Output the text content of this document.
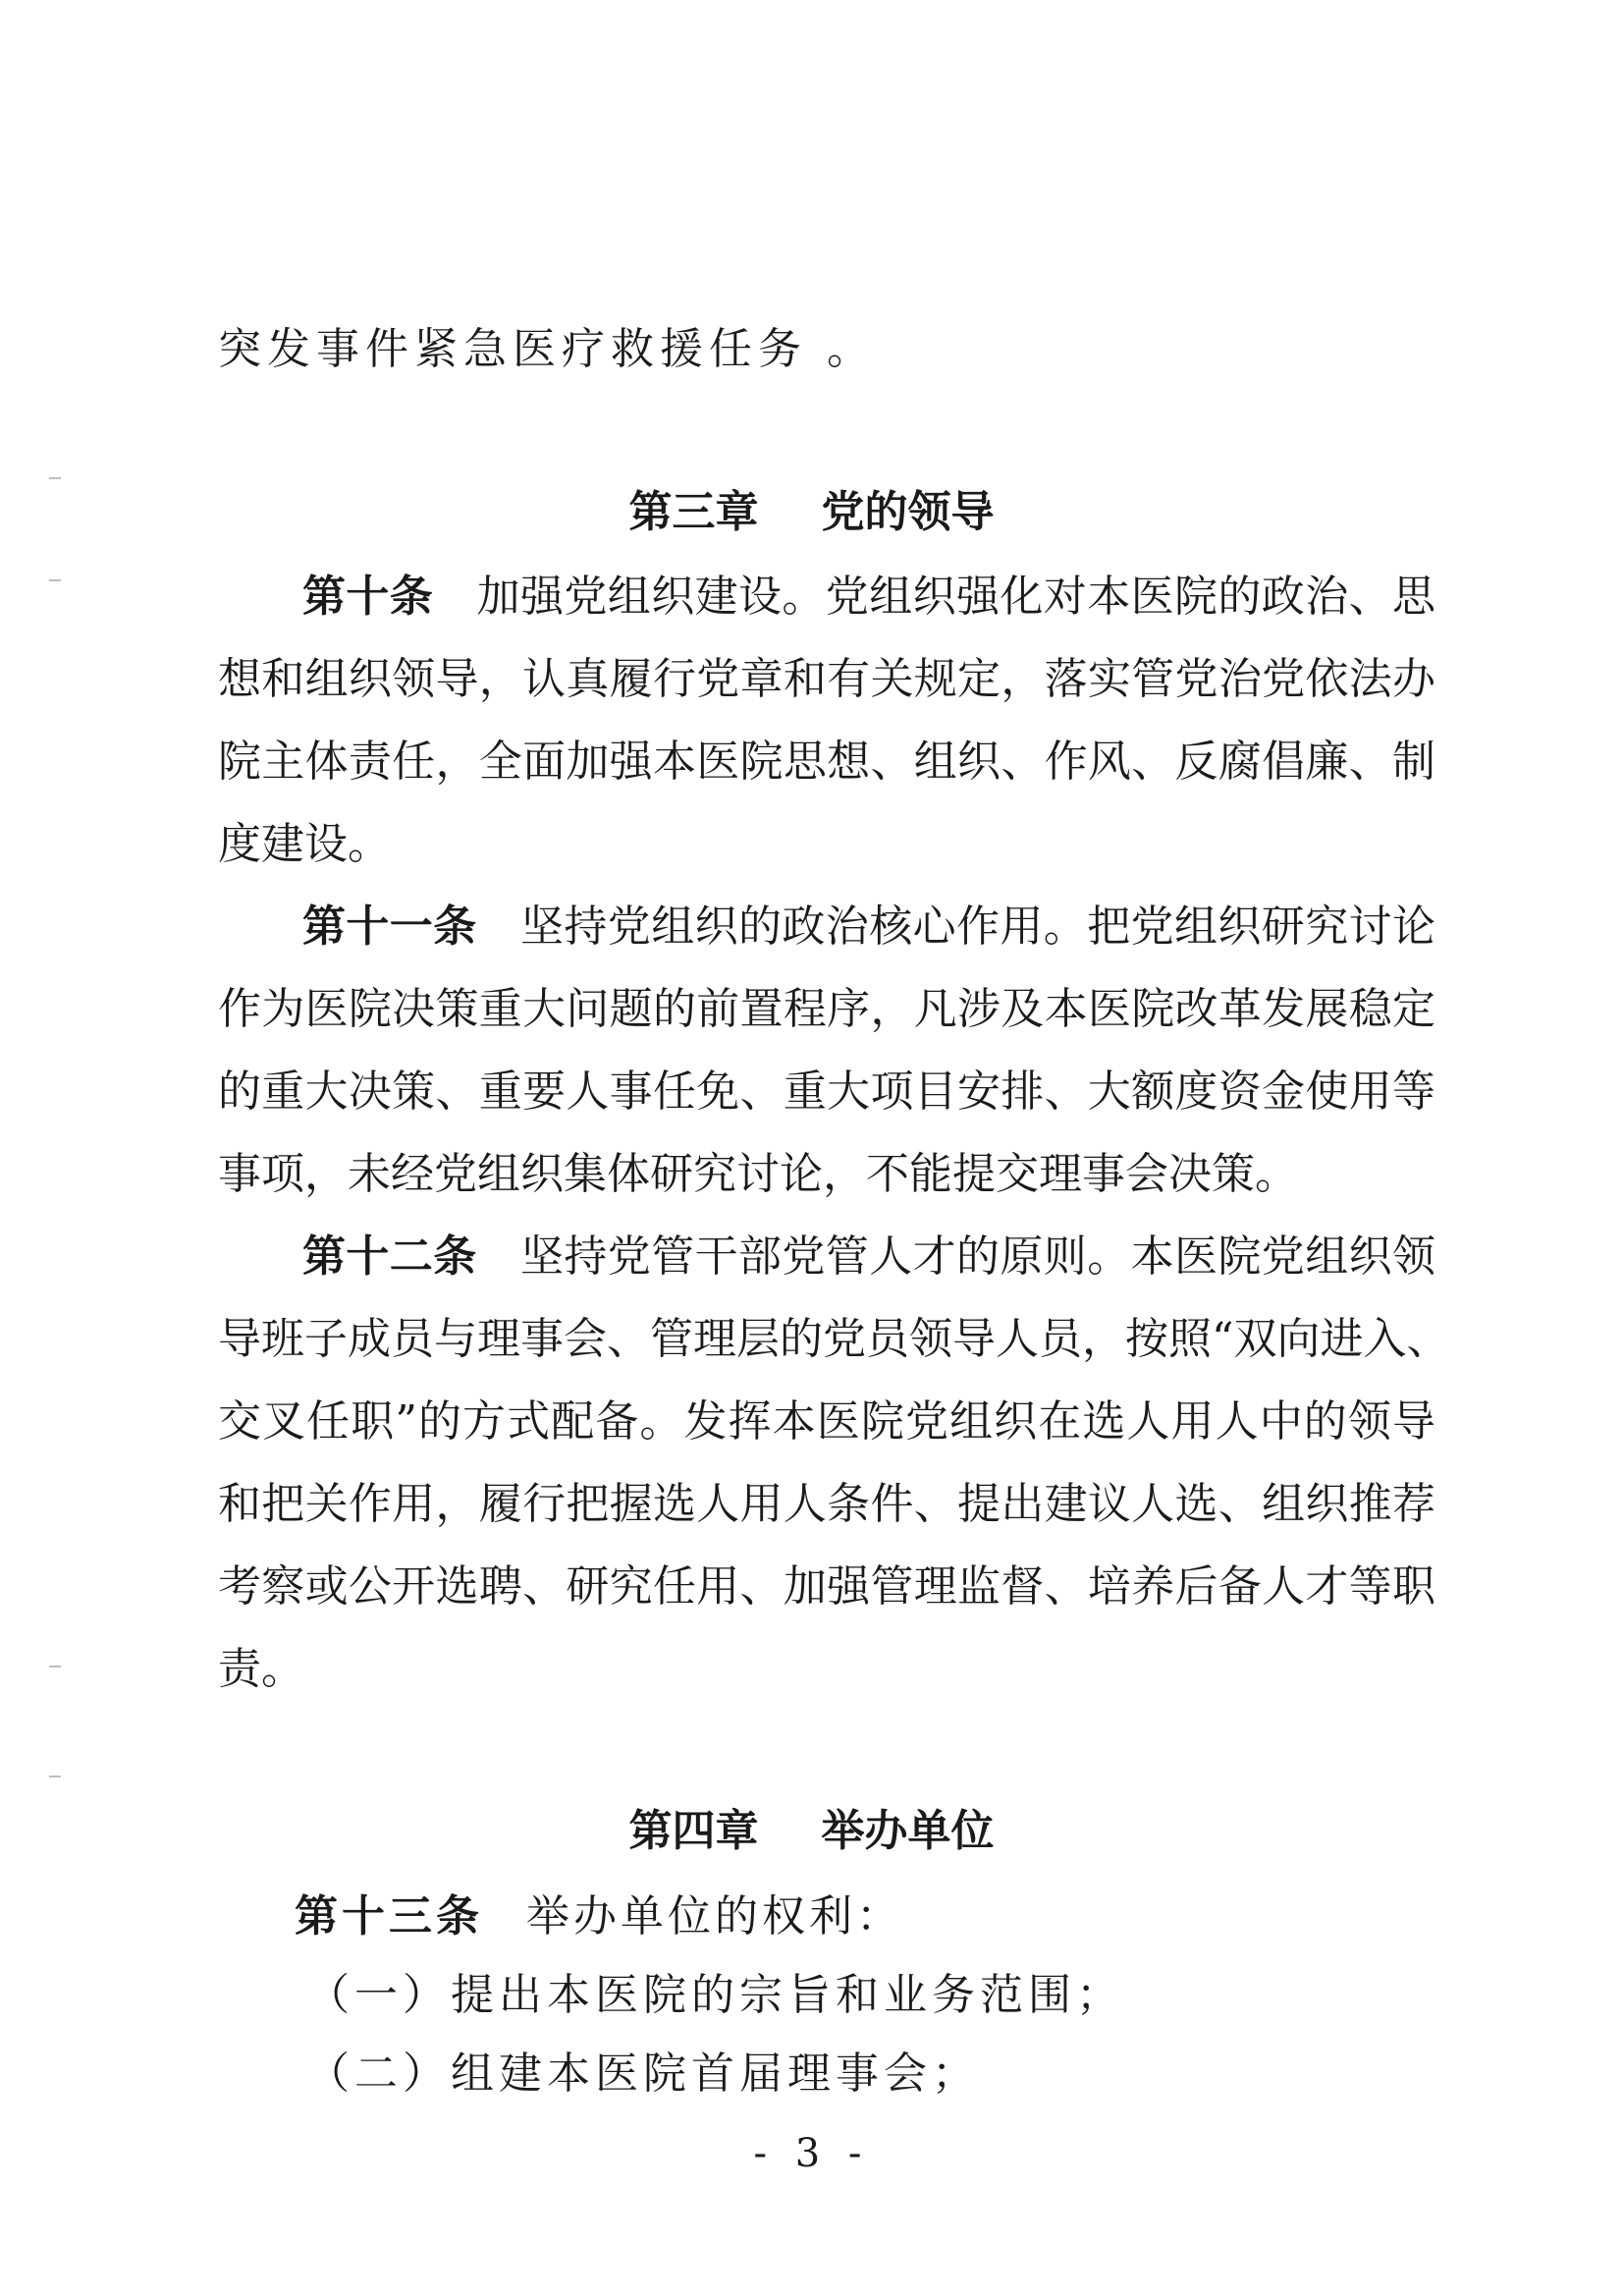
突发事件紧急医疗救援任务 。
第三章 党的领导
第十条 加强党组织建设。党组织强化对本医院的政治、思
想和组织领导，认真履行党章和有关规定，落实管党治党依法办
院主体责任，全面加强本医院思想、组织、作风、反腐倡廉、制
度建设。
第十一条 坚持党组织的政治核心作用。把党组织研究讨论
作为医院决策重大问题的前置程序，凡涉及本医院改革发展稳定
的重大决策、重要人事任免、重大项目安排、大额度资金使用等
事项，未经党组织集体研究讨论，不能提交理事会决策。
第十二条 坚持党管干部党管人才的原则。本医院党组织领
导班子成员与理事会、管理层的党员领导人员，按照“双向进入、
交叉任职”的方式配备。发挥本医院党组织在选人用人中的领导
和把关作用，履行把握选人用人条件、提出建议人选、组织推荐
考察或公开选聘、研究任用、加强管理监督、培养后备人才等职
责。
第四章 举办单位
第十三条 举办单位的权利：
（一）提出本医院的宗旨和业务范围；
（二）组建本医院首届理事会；
- 3 -
